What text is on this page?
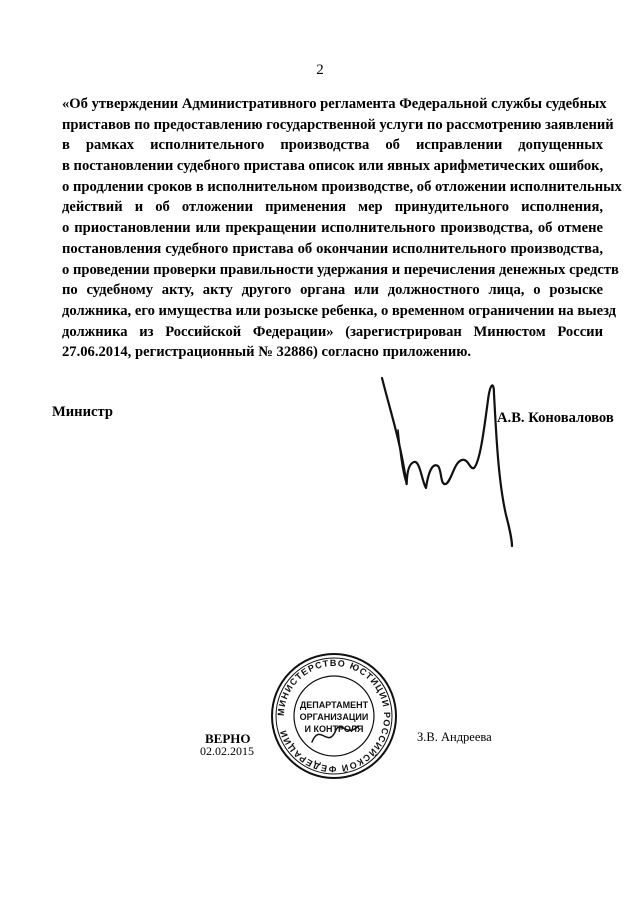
2
«Об утверждении Административного регламента Федеральной службы судебных
приставов по предоставлению государственной услуги по рассмотрению заявлений
в рамках исполнительного производства об исправлении допущенных
в постановлении судебного пристава описок или явных арифметических ошибок,
о продлении сроков в исполнительном производстве, об отложении исполнительных
действий и об отложении применения мер принудительного исполнения,
о приостановлении или прекращении исполнительного производства, об отмене
постановления судебного пристава об окончании исполнительного производства,
о проведении проверки правильности удержания и перечисления денежных средств
по судебному акту, акту другого органа или должностного лица, о розыске
должника, его имущества или розыске ребенка, о временном ограничении на выезд
должника из Российской Федерации» (зарегистрирован Минюстом России
27.06.2014, регистрационный № 32886) согласно приложению.
Министр	А.В. Коноваловов
МИНИСТЕРСТВО ЮСТИЦИИ РОССИЙСКОЙ ФЕДЕРАЦИИ
ДЕПАРТАМЕНТ
ОРГАНИЗАЦИИ
И КОНТРОЛЯ
ВЕРНО
02.02.2015
З.В. Андреева
